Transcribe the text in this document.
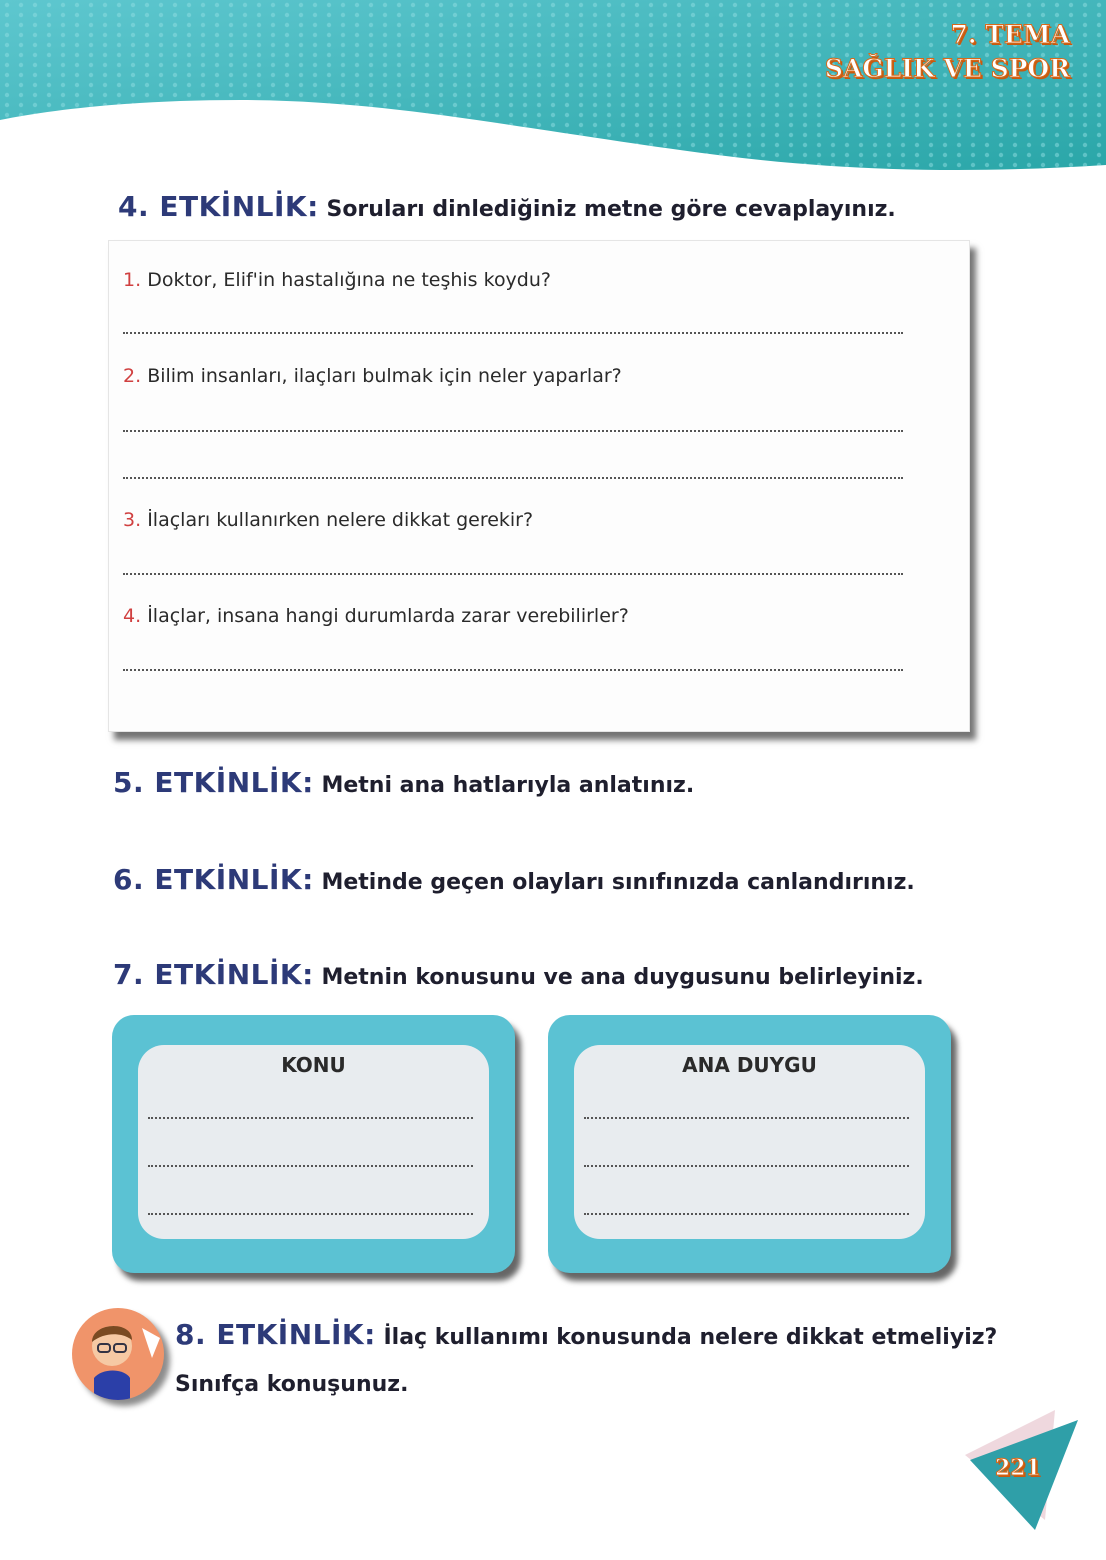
7. TEMA
SAĞLIK VE SPOR
4. ETKİNLİK: Soruları dinlediğiniz metne göre cevaplayınız.
1. Doktor, Elif'in hastalığına ne teşhis koydu?
2. Bilim insanları, ilaçları bulmak için neler yaparlar?
3. İlaçları kullanırken nelere dikkat gerekir?
4. İlaçlar, insana hangi durumlarda zarar verebilirler?
5. ETKİNLİK: Metni ana hatlarıyla anlatınız.
6. ETKİNLİK: Metinde geçen olayları sınıfınızda canlandırınız.
7. ETKİNLİK: Metnin konusunu ve ana duygusunu belirleyiniz.
KONU	ANA DUYGU
8. ETKİNLİK: İlaç kullanımı konusunda nelere dikkat etmeliyiz?
Sınıfça konuşunuz.
221
